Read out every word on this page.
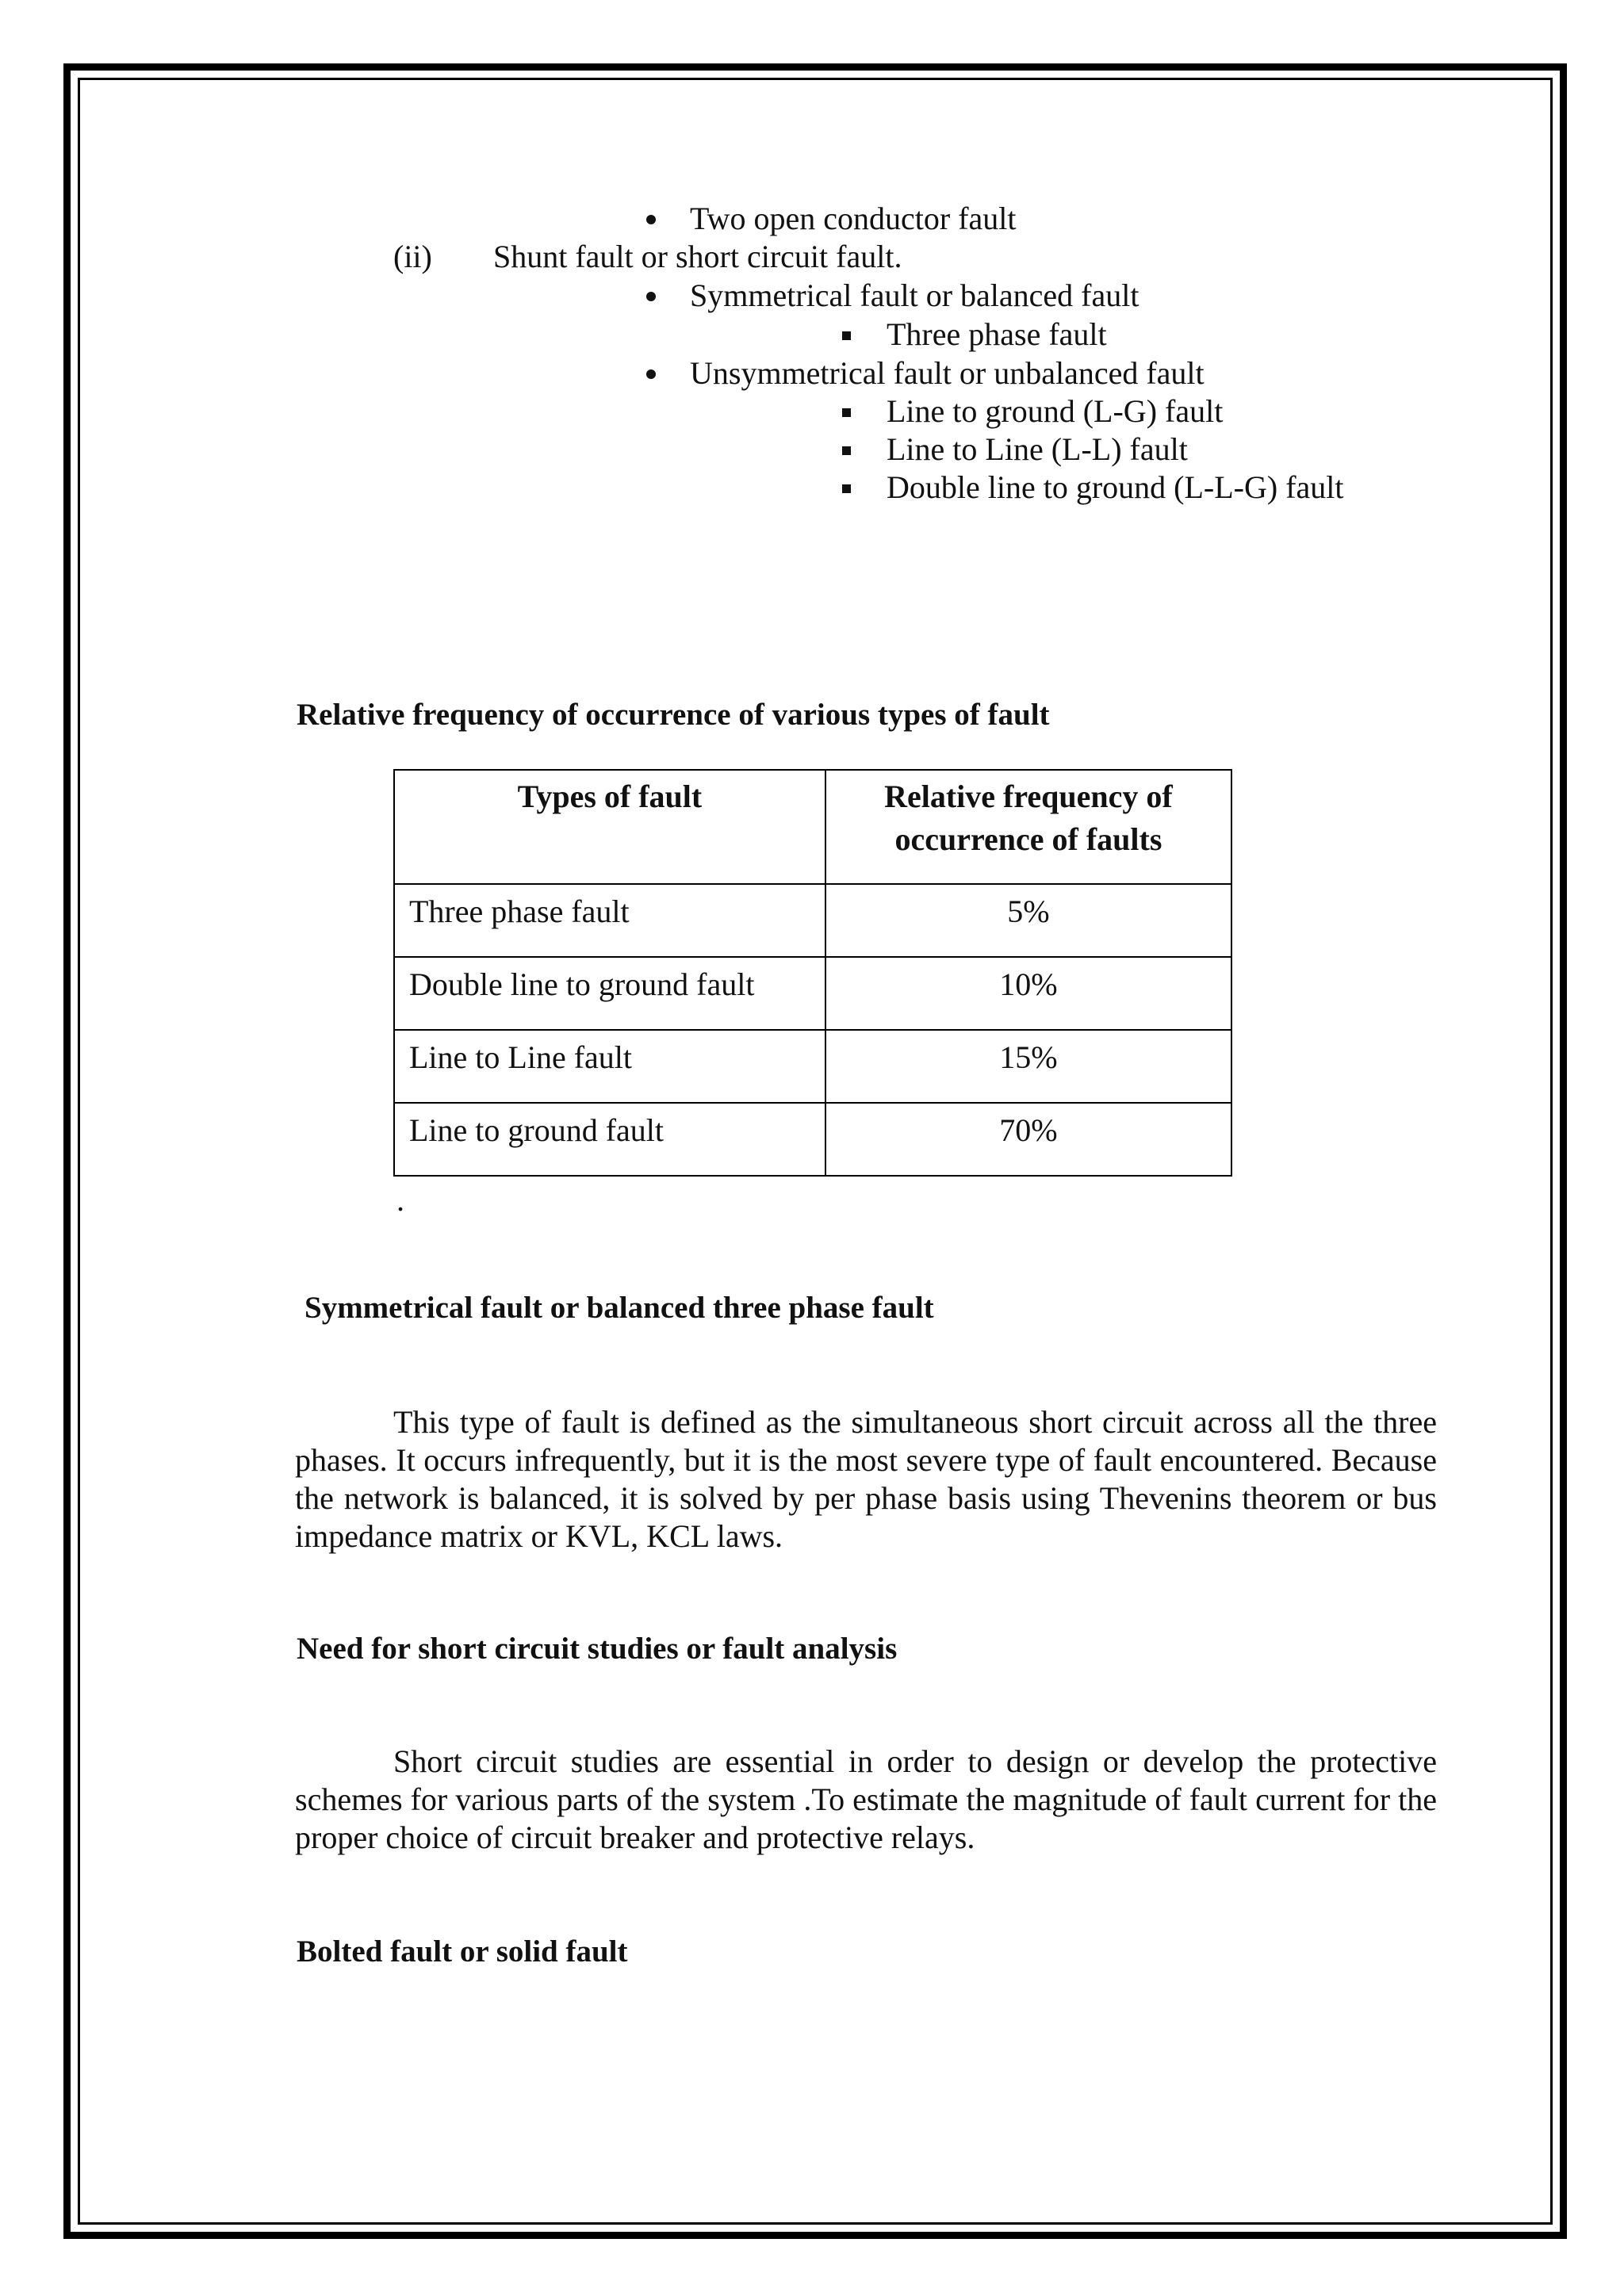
Two open conductor fault
(ii) Shunt fault or short circuit fault.
Symmetrical fault or balanced fault
Three phase fault
Unsymmetrical fault or unbalanced fault
Line to ground (L-G) fault
Line to Line (L-L) fault
Double line to ground (L-L-G) fault
Relative frequency of occurrence of various types of fault
Types of fault	Relative frequency of
occurrence of faults
Three phase fault	5%
Double line to ground fault	10%
Line to Line fault	15%
Line to ground fault	70%
.
Symmetrical fault or balanced three phase fault
This type of fault is defined as the simultaneous short circuit across all the three phases. It occurs infrequently, but it is the most severe type of fault encountered. Because the network is balanced, it is solved by per phase basis using Thevenins theorem or bus impedance matrix or KVL, KCL laws.
Need for short circuit studies or fault analysis
Short circuit studies are essential in order to design or develop the protective schemes for various parts of the system .To estimate the magnitude of fault current for the proper choice of circuit breaker and protective relays.
Bolted fault or solid fault
